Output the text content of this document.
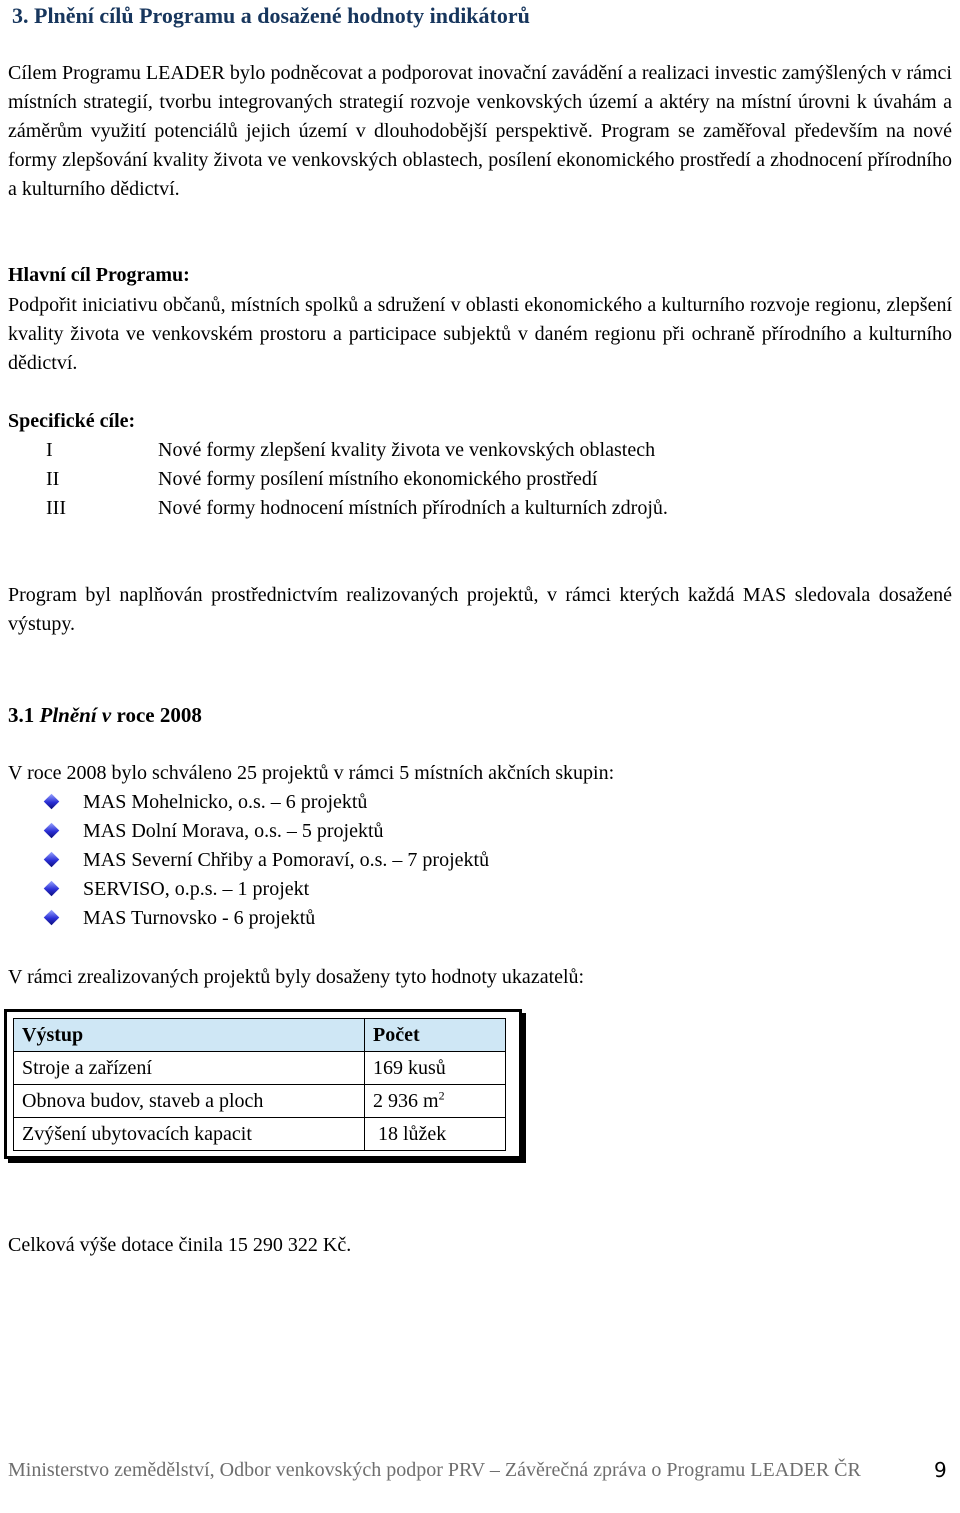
3. Plnění cílů Programu a dosažené hodnoty indikátorů
Cílem Programu LEADER bylo podněcovat a podporovat inovační zavádění a realizaci investic zamýšlených v rámci místních strategií, tvorbu integrovaných strategií rozvoje venkovských území a aktéry na místní úrovni k úvahám a záměrům využití potenciálů jejich území v dlouhodobější perspektivě. Program se zaměřoval především na nové formy zlepšování kvality života ve venkovských oblastech, posílení ekonomického prostředí a zhodnocení přírodního a kulturního dědictví.
Hlavní cíl Programu:
Podpořit iniciativu občanů, místních spolků a sdružení v oblasti ekonomického a kulturního rozvoje regionu, zlepšení kvality života ve venkovském prostoru a participace subjektů v daném regionu při ochraně přírodního a kulturního dědictví.
Specifické cíle:
I	Nové formy zlepšení kvality života ve venkovských oblastech
II	Nové formy posílení místního ekonomického prostředí
III	Nové formy hodnocení místních přírodních a kulturních zdrojů.
Program byl naplňován prostřednictvím realizovaných projektů, v rámci kterých každá MAS sledovala dosažené výstupy.
3.1 Plnění v roce 2008
V roce 2008 bylo schváleno 25 projektů v rámci 5 místních akčních skupin:
MAS Mohelnicko, o.s. – 6 projektů
MAS Dolní Morava, o.s. – 5 projektů
MAS Severní Chřiby a Pomoraví, o.s. – 7 projektů
SERVISO, o.p.s. – 1 projekt
MAS Turnovsko - 6 projektů
V rámci zrealizovaných projektů byly dosaženy tyto hodnoty ukazatelů:
Výstup	Počet
Stroje a zařízení	169 kusů
Obnova budov, staveb a ploch	2 936 $m^2$
Zvýšení ubytovacích kapacit	18 lůžek
Celková výše dotace činila 15 290 322 Kč.
Ministerstvo zemědělství, Odbor venkovských podpor PRV – Závěrečná zpráva o Programu LEADER ČR	9
